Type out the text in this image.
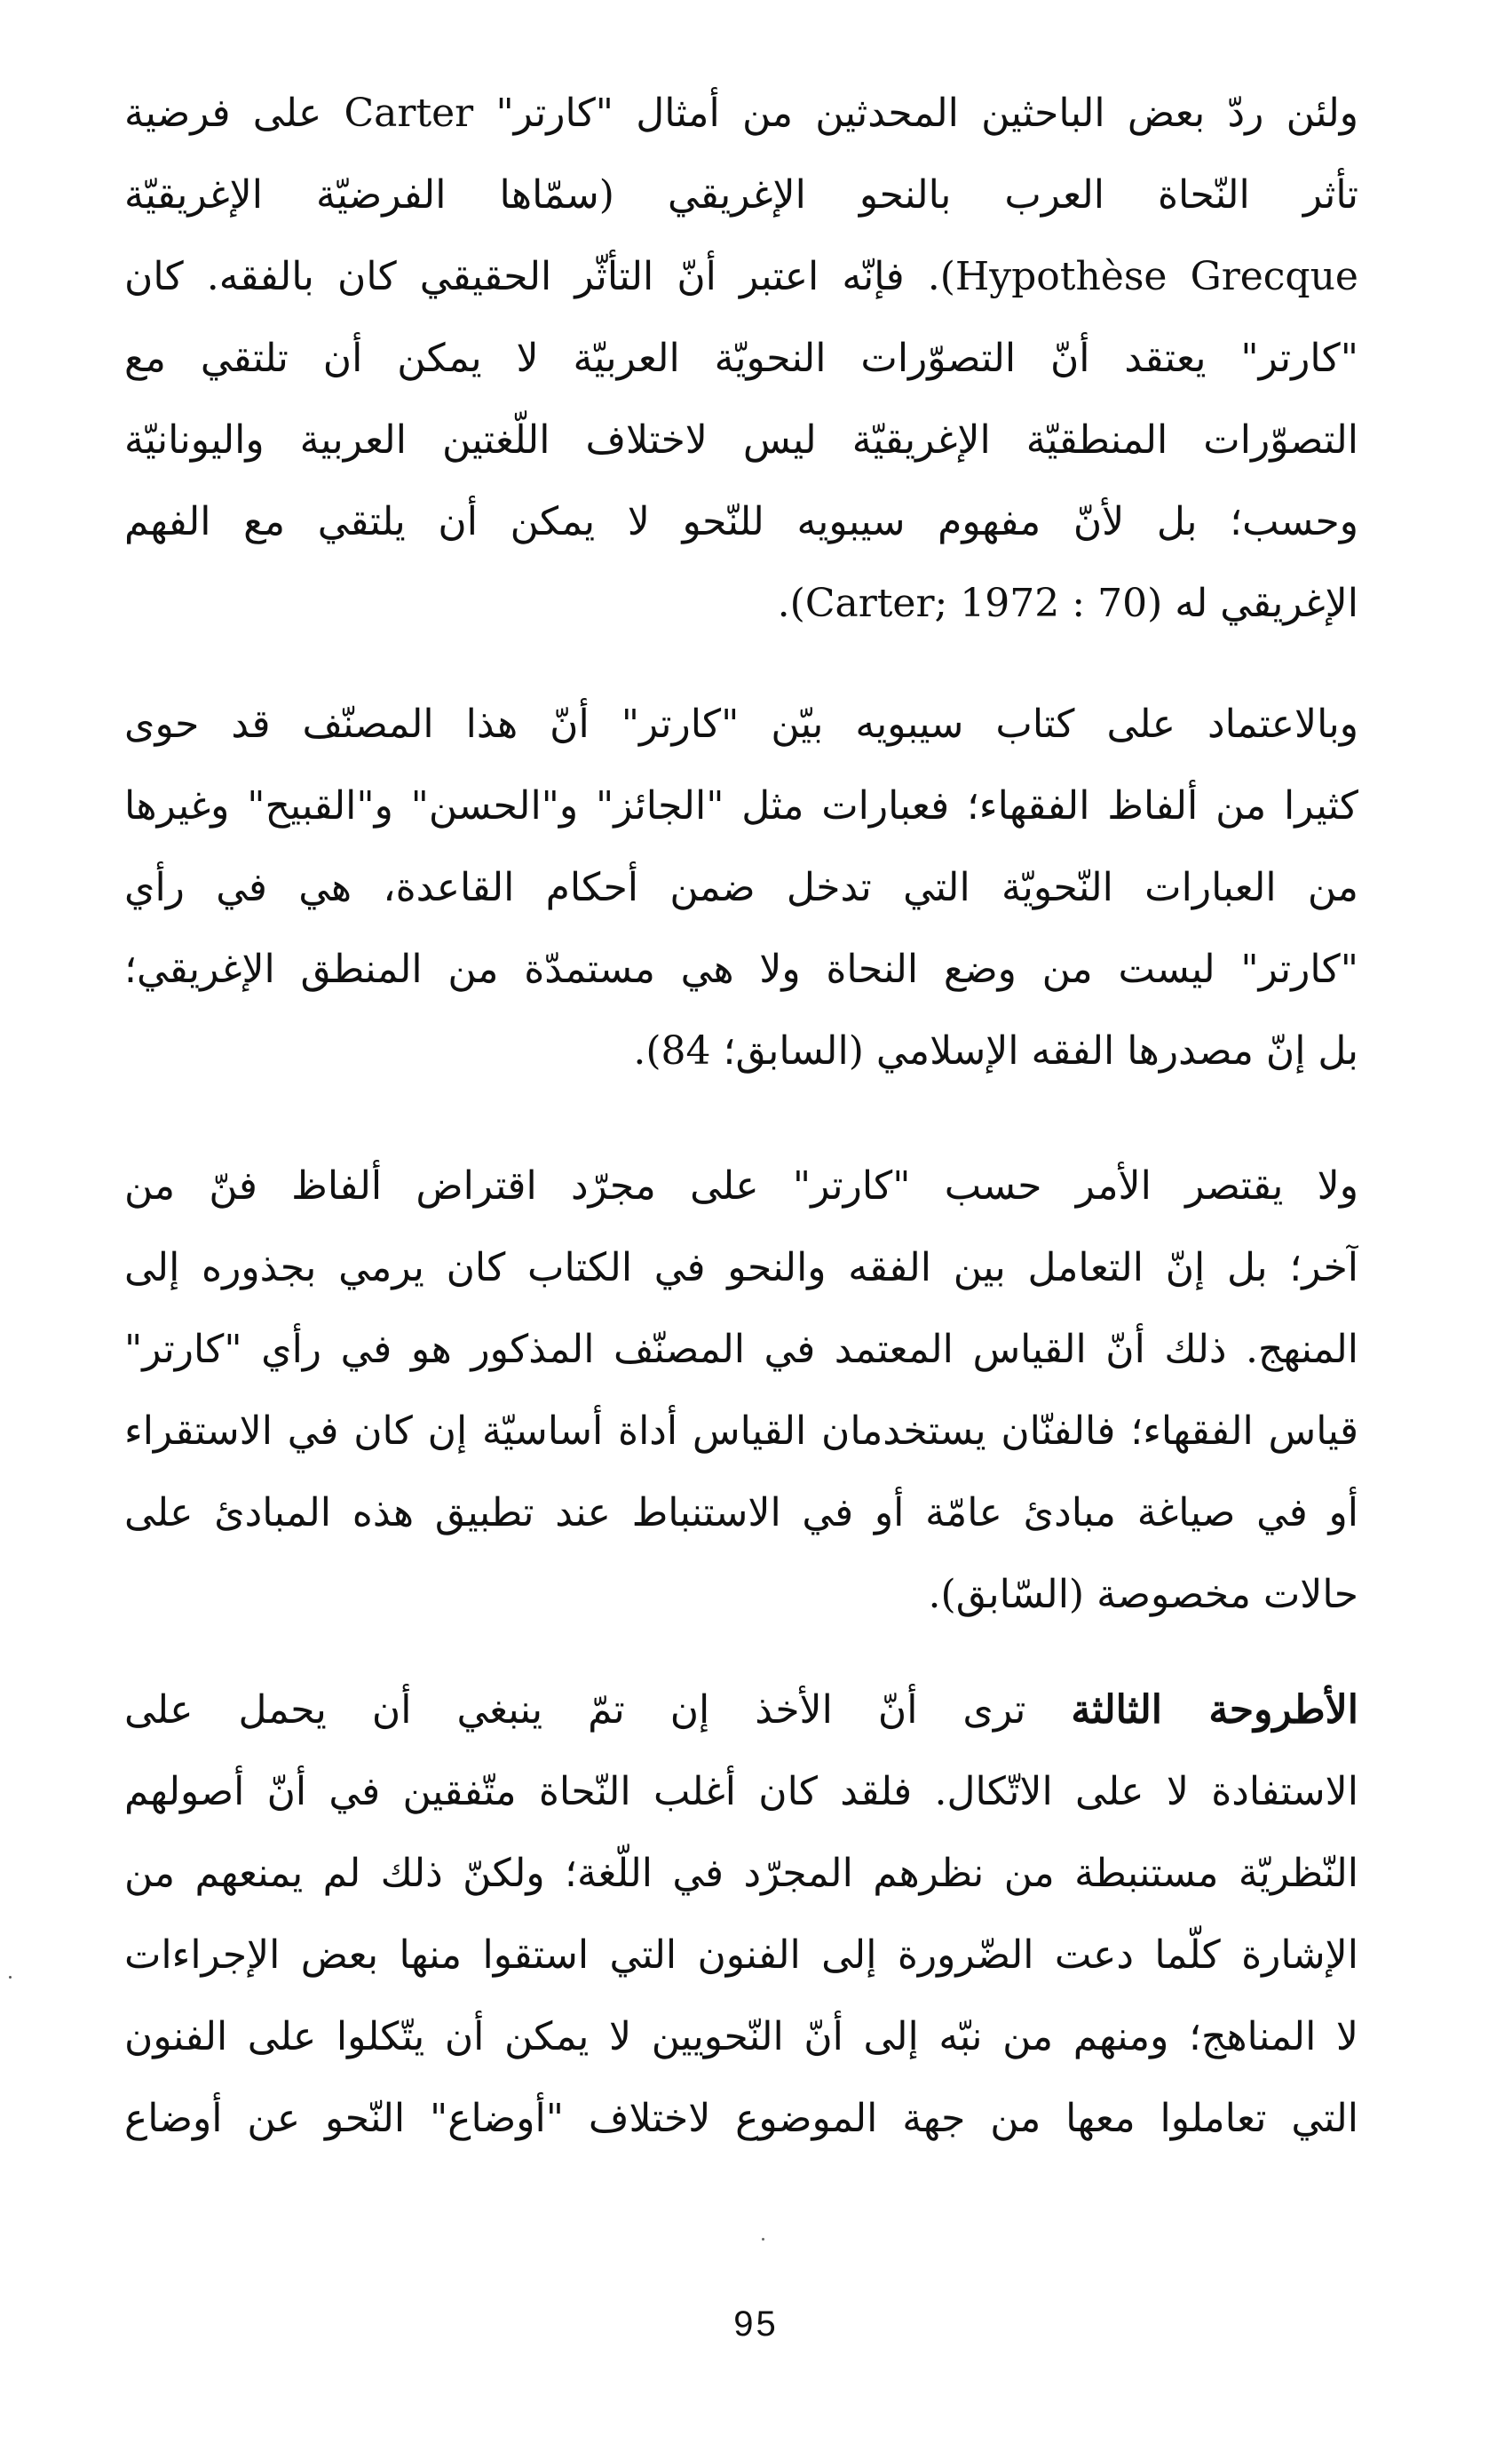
ولئن ردّ بعض الباحثين المحدثين من أمثال "كارتر" Carter على فرضية
تأثر النّحاة العرب بالنحو الإغريقي (سمّاها الفرضيّة الإغريقيّة
Hypothèse Grecque). فإنّه اعتبر أنّ التأثّر الحقيقي كان بالفقه. كان
"كارتر" يعتقد أنّ التصوّرات النحويّة العربيّة لا يمكن أن تلتقي مع
التصوّرات المنطقيّة الإغريقيّة ليس لاختلاف اللّغتين العربية واليونانيّة
وحسب؛ بل لأنّ مفهوم سيبويه للنّحو لا يمكن أن يلتقي مع الفهم
الإغريقي له (Carter; 1972 : 70).
وبالاعتماد على كتاب سيبويه بيّن "كارتر" أنّ هذا المصنّف قد حوى
كثيرا من ألفاظ الفقهاء؛ فعبارات مثل "الجائز" و"الحسن" و"القبيح" وغيرها
من العبارات النّحويّة التي تدخل ضمن أحكام القاعدة، هي في رأي
"كارتر" ليست من وضع النحاة ولا هي مستمدّة من المنطق الإغريقي؛
بل إنّ مصدرها الفقه الإسلامي (السابق؛ 84).
ولا يقتصر الأمر حسب "كارتر" على مجرّد اقتراض ألفاظ فنّ من
آخر؛ بل إنّ التعامل بين الفقه والنحو في الكتاب كان يرمي بجذوره إلى
المنهج. ذلك أنّ القياس المعتمد في المصنّف المذكور هو في رأي "كارتر"
قياس الفقهاء؛ فالفنّان يستخدمان القياس أداة أساسيّة إن كان في الاستقراء
أو في صياغة مبادئ عامّة أو في الاستنباط عند تطبيق هذه المبادئ على
حالات مخصوصة (السّابق).
الأطروحة الثالثة ترى أنّ الأخذ إن تمّ ينبغي أن يحمل على
الاستفادة لا على الاتّكال. فلقد كان أغلب النّحاة متّفقين في أنّ أصولهم
النّظريّة مستنبطة من نظرهم المجرّد في اللّغة؛ ولكنّ ذلك لم يمنعهم من
الإشارة كلّما دعت الضّرورة إلى الفنون التي استقوا منها بعض الإجراءات
لا المناهج؛ ومنهم من نبّه إلى أنّ النّحويين لا يمكن أن يتّكلوا على الفنون
التي تعاملوا معها من جهة الموضوع لاختلاف "أوضاع" النّحو عن أوضاع
95
